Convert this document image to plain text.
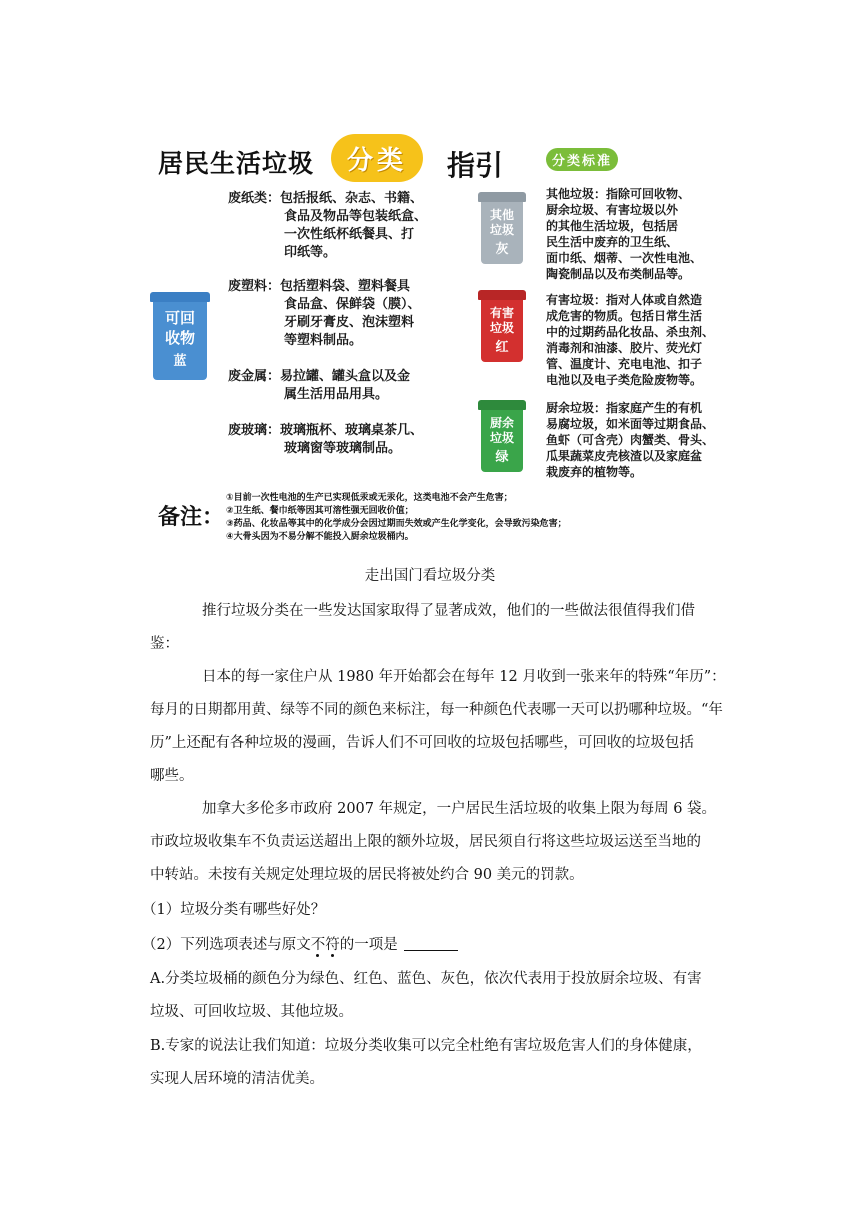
居民生活垃圾	分类	指引	分类标准
可回收物
蓝
废纸类：包括报纸、杂志、书籍、
食品及物品等包装纸盒、
一次性纸杯纸餐具、打
印纸等。
废塑料：包括塑料袋、塑料餐具
食品盒、保鲜袋（膜）、
牙刷牙膏皮、泡沫塑料
等塑料制品。
废金属：易拉罐、罐头盒以及金
属生活用品用具。
废玻璃：玻璃瓶杯、玻璃桌茶几、
玻璃窗等玻璃制品。
其他垃圾
灰
其他垃圾：指除可回收物、
厨余垃圾、有害垃圾以外
的其他生活垃圾，包括居
民生活中废弃的卫生纸、
面巾纸、烟蒂、一次性电池、
陶瓷制品以及布类制品等。
有害垃圾
红
有害垃圾：指对人体或自然造
成危害的物质。包括日常生活
中的过期药品化妆品、杀虫剂、
消毒剂和油漆、胶片、荧光灯
管、温度计、充电电池、扣子
电池以及电子类危险废物等。
厨余垃圾
绿
厨余垃圾：指家庭产生的有机
易腐垃圾，如米面等过期食品、
鱼虾（可含壳）肉蟹类、骨头、
瓜果蔬菜皮壳核渣以及家庭盆
栽废弃的植物等。
备注：
①目前一次性电池的生产已实现低汞或无汞化，这类电池不会产生危害；
②卫生纸、餐巾纸等因其可溶性强无回收价值；
③药品、化妆品等其中的化学成分会因过期而失效或产生化学变化，会导致污染危害；
④大骨头因为不易分解不能投入厨余垃圾桶内。
走出国门看垃圾分类
推行垃圾分类在一些发达国家取得了显著成效，他们的一些做法很值得我们借
鉴：
日本的每一家住户从 1980 年开始都会在每年 12 月收到一张来年的特殊“年历”：
每月的日期都用黄、绿等不同的颜色来标注，每一种颜色代表哪一天可以扔哪种垃圾。“年
历”上还配有各种垃圾的漫画，告诉人们不可回收的垃圾包括哪些，可回收的垃圾包括
哪些。
加拿大多伦多市政府 2007 年规定，一户居民生活垃圾的收集上限为每周 6 袋。
市政垃圾收集车不负责运送超出上限的额外垃圾，居民须自行将这些垃圾运送至当地的
中转站。未按有关规定处理垃圾的居民将被处约合 90 美元的罚款。
（1）垃圾分类有哪些好处？
（2）下列选项表述与原文不符的一项是
A.分类垃圾桶的颜色分为绿色、红色、蓝色、灰色，依次代表用于投放厨余垃圾、有害
垃圾、可回收垃圾、其他垃圾。
B.专家的说法让我们知道：垃圾分类收集可以完全杜绝有害垃圾危害人们的身体健康，
实现人居环境的清洁优美。
